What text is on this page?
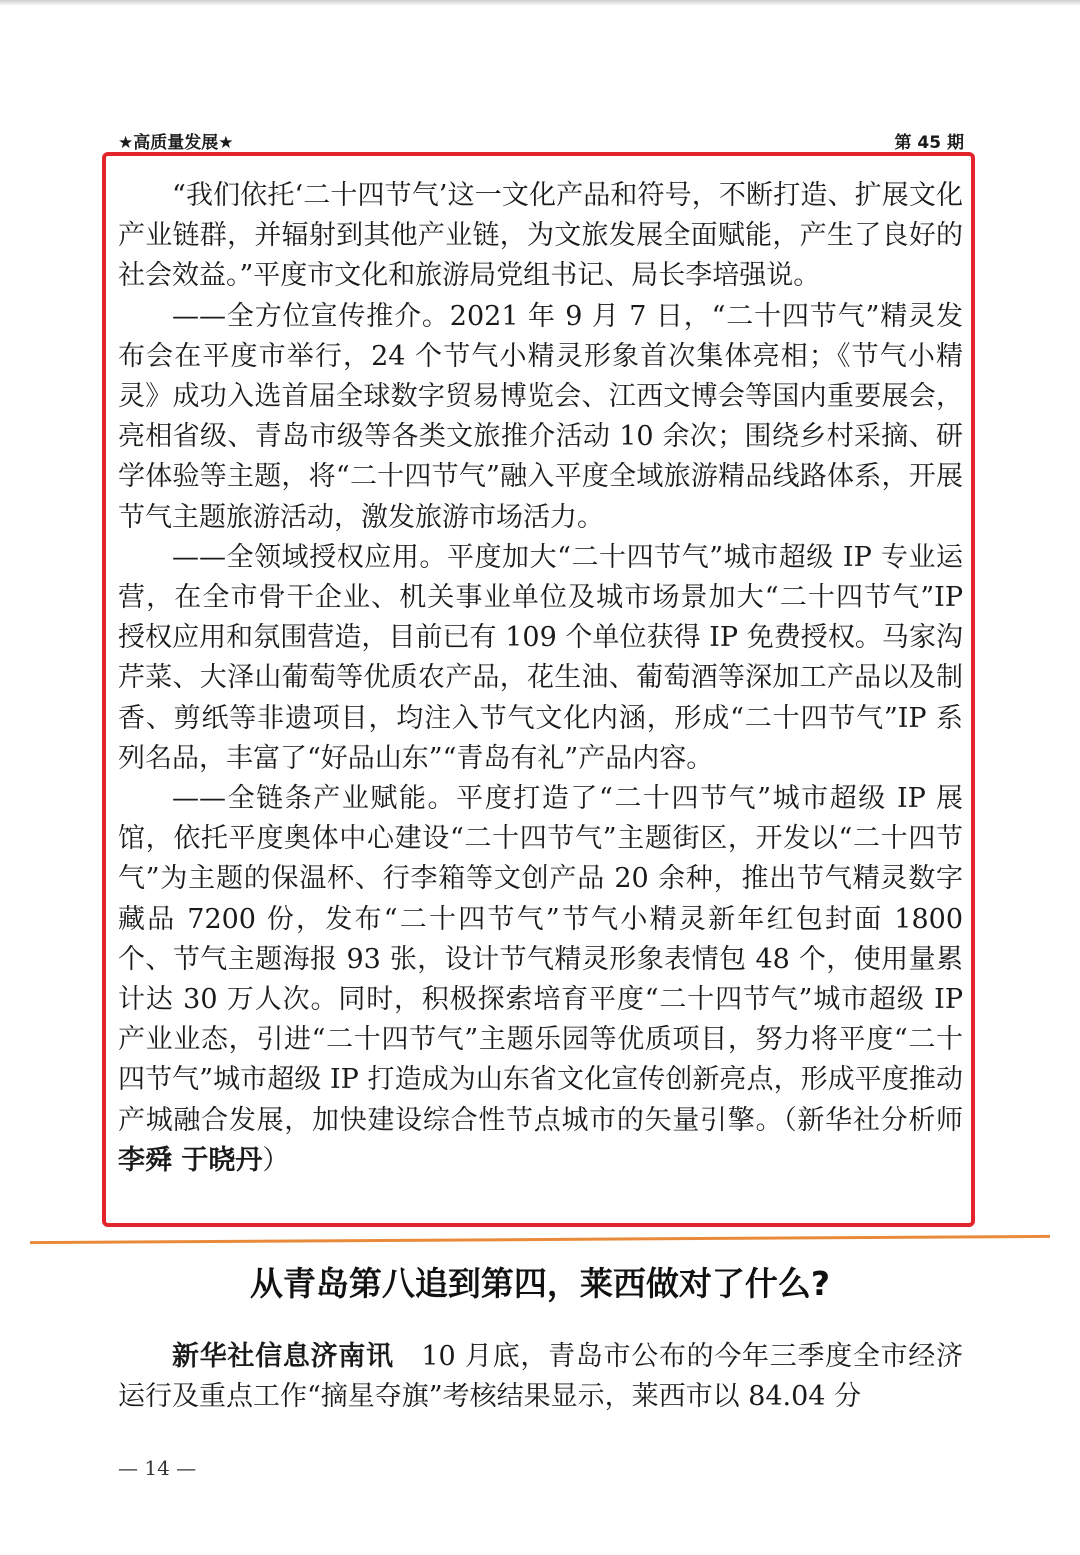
★高质量发展★	第 45 期

“我们依托‘二十四节气’这一文化产品和符号，不断打造、扩展文化产业链群，并辐射到其他产业链，为文旅发展全面赋能，产生了良好的社会效益。”平度市文化和旅游局党组书记、局长李培强说。

——全方位宣传推介。2021 年 9 月 7 日，“二十四节气”精灵发布会在平度市举行，24 个节气小精灵形象首次集体亮相；《节气小精灵》成功入选首届全球数字贸易博览会、江西文博会等国内重要展会，亮相省级、青岛市级等各类文旅推介活动 10 余次；围绕乡村采摘、研学体验等主题，将“二十四节气”融入平度全域旅游精品线路体系，开展节气主题旅游活动，激发旅游市场活力。

——全领域授权应用。平度加大“二十四节气”城市超级 IP 专业运营，在全市骨干企业、机关事业单位及城市场景加大“二十四节气”IP 授权应用和氛围营造，目前已有 109 个单位获得 IP 免费授权。马家沟芹菜、大泽山葡萄等优质农产品，花生油、葡萄酒等深加工产品以及制香、剪纸等非遗项目，均注入节气文化内涵，形成“二十四节气”IP 系列名品，丰富了“好品山东”“青岛有礼”产品内容。

——全链条产业赋能。平度打造了“二十四节气”城市超级 IP 展馆，依托平度奥体中心建设“二十四节气”主题街区，开发以“二十四节气”为主题的保温杯、行李箱等文创产品 20 余种，推出节气精灵数字藏品 7200 份，发布“二十四节气”节气小精灵新年红包封面 1800 个、节气主题海报 93 张，设计节气精灵形象表情包 48 个，使用量累计达 30 万人次。同时，积极探索培育平度“二十四节气”城市超级 IP 产业业态，引进“二十四节气”主题乐园等优质项目，努力将平度“二十四节气”城市超级 IP 打造成为山东省文化宣传创新亮点，形成平度推动产城融合发展，加快建设综合性节点城市的矢量引擎。（新华社分析师 李舜 于晓丹）

从青岛第八追到第四，莱西做对了什么?

新华社信息济南讯　10 月底，青岛市公布的今年三季度全市经济运行及重点工作“摘星夺旗”考核结果显示，莱西市以 84.04 分

— 14 —
